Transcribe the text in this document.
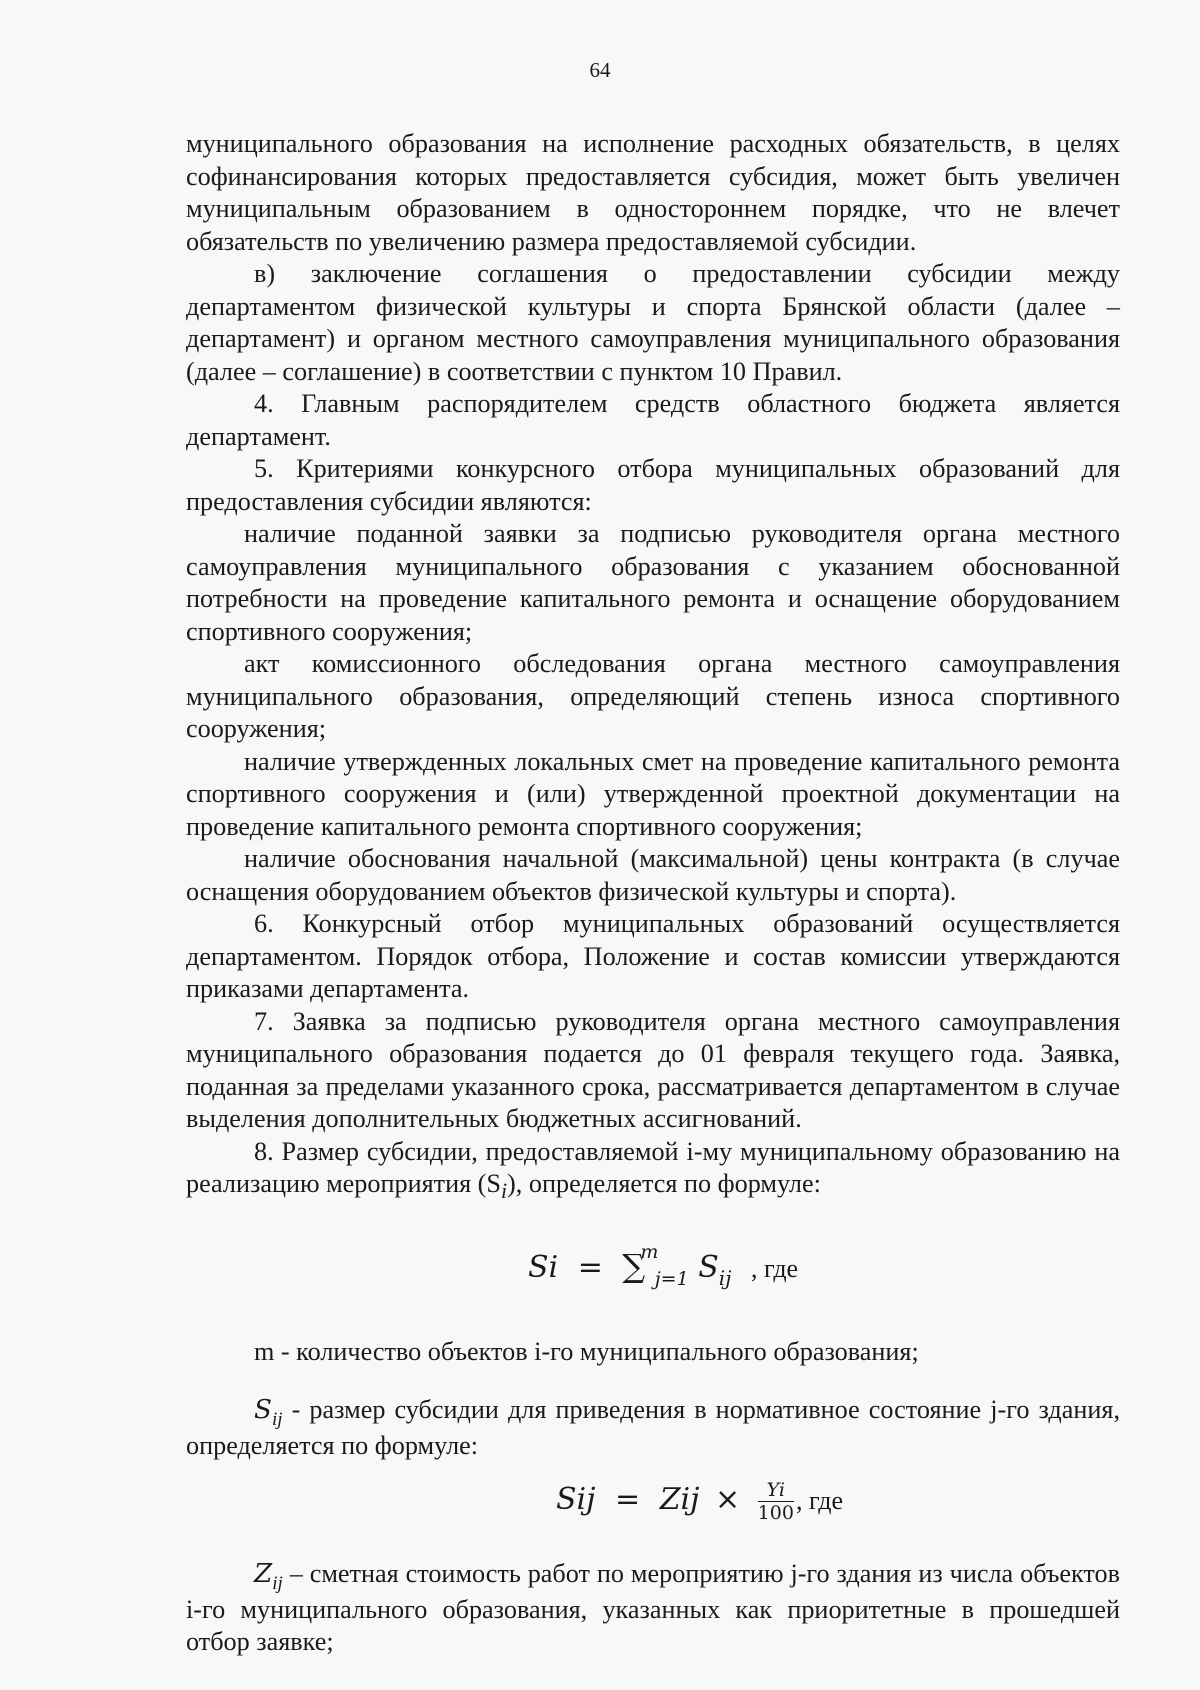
64

муниципального образования на исполнение расходных обязательств, в целях софинансирования которых предоставляется субсидия, может быть увеличен муниципальным образованием в одностороннем порядке, что не влечет обязательств по увеличению размера предоставляемой субсидии.

в) заключение соглашения о предоставлении субсидии между департаментом физической культуры и спорта Брянской области (далее – департамент) и органом местного самоуправления муниципального образования (далее – соглашение) в соответствии с пунктом 10 Правил.

4. Главным распорядителем средств областного бюджета является департамент.

5. Критериями конкурсного отбора муниципальных образований для предоставления субсидии являются:

наличие поданной заявки за подписью руководителя органа местного самоуправления муниципального образования с указанием обоснованной потребности на проведение капитального ремонта и оснащение оборудованием спортивного сооружения;

акт комиссионного обследования органа местного самоуправления муниципального образования, определяющий степень износа спортивного сооружения;

наличие утвержденных локальных смет на проведение капитального ремонта спортивного сооружения и (или) утвержденной проектной документации на проведение капитального ремонта спортивного сооружения;

наличие обоснования начальной (максимальной) цены контракта (в случае оснащения оборудованием объектов физической культуры и спорта).

6. Конкурсный отбор муниципальных образований осуществляется департаментом. Порядок отбора, Положение и состав комиссии утверждаются приказами департамента.

7. Заявка за подписью руководителя органа местного самоуправления муниципального образования подается до 01 февраля текущего года. Заявка, поданная за пределами указанного срока, рассматривается департаментом в случае выделения дополнительных бюджетных ассигнований.

8. Размер субсидии, предоставляемой i-му муниципальному образованию на реализацию мероприятия $(S_i)$, определяется по формуле:

Si = ∑
m
$_{j=1}$ $S_{ij}$ , где

m - количество объектов i-го муниципального образования;

$S_{ij}$ - размер субсидии для приведения в нормативное состояние j-го здания, определяется по формуле:

Sij = Zij × $\frac{Yi}{100}$ , где

$Z_{ij}$ – сметная стоимость работ по мероприятию j-го здания из числа объектов i-го муниципального образования, указанных как приоритетные в прошедшей отбор заявке;
